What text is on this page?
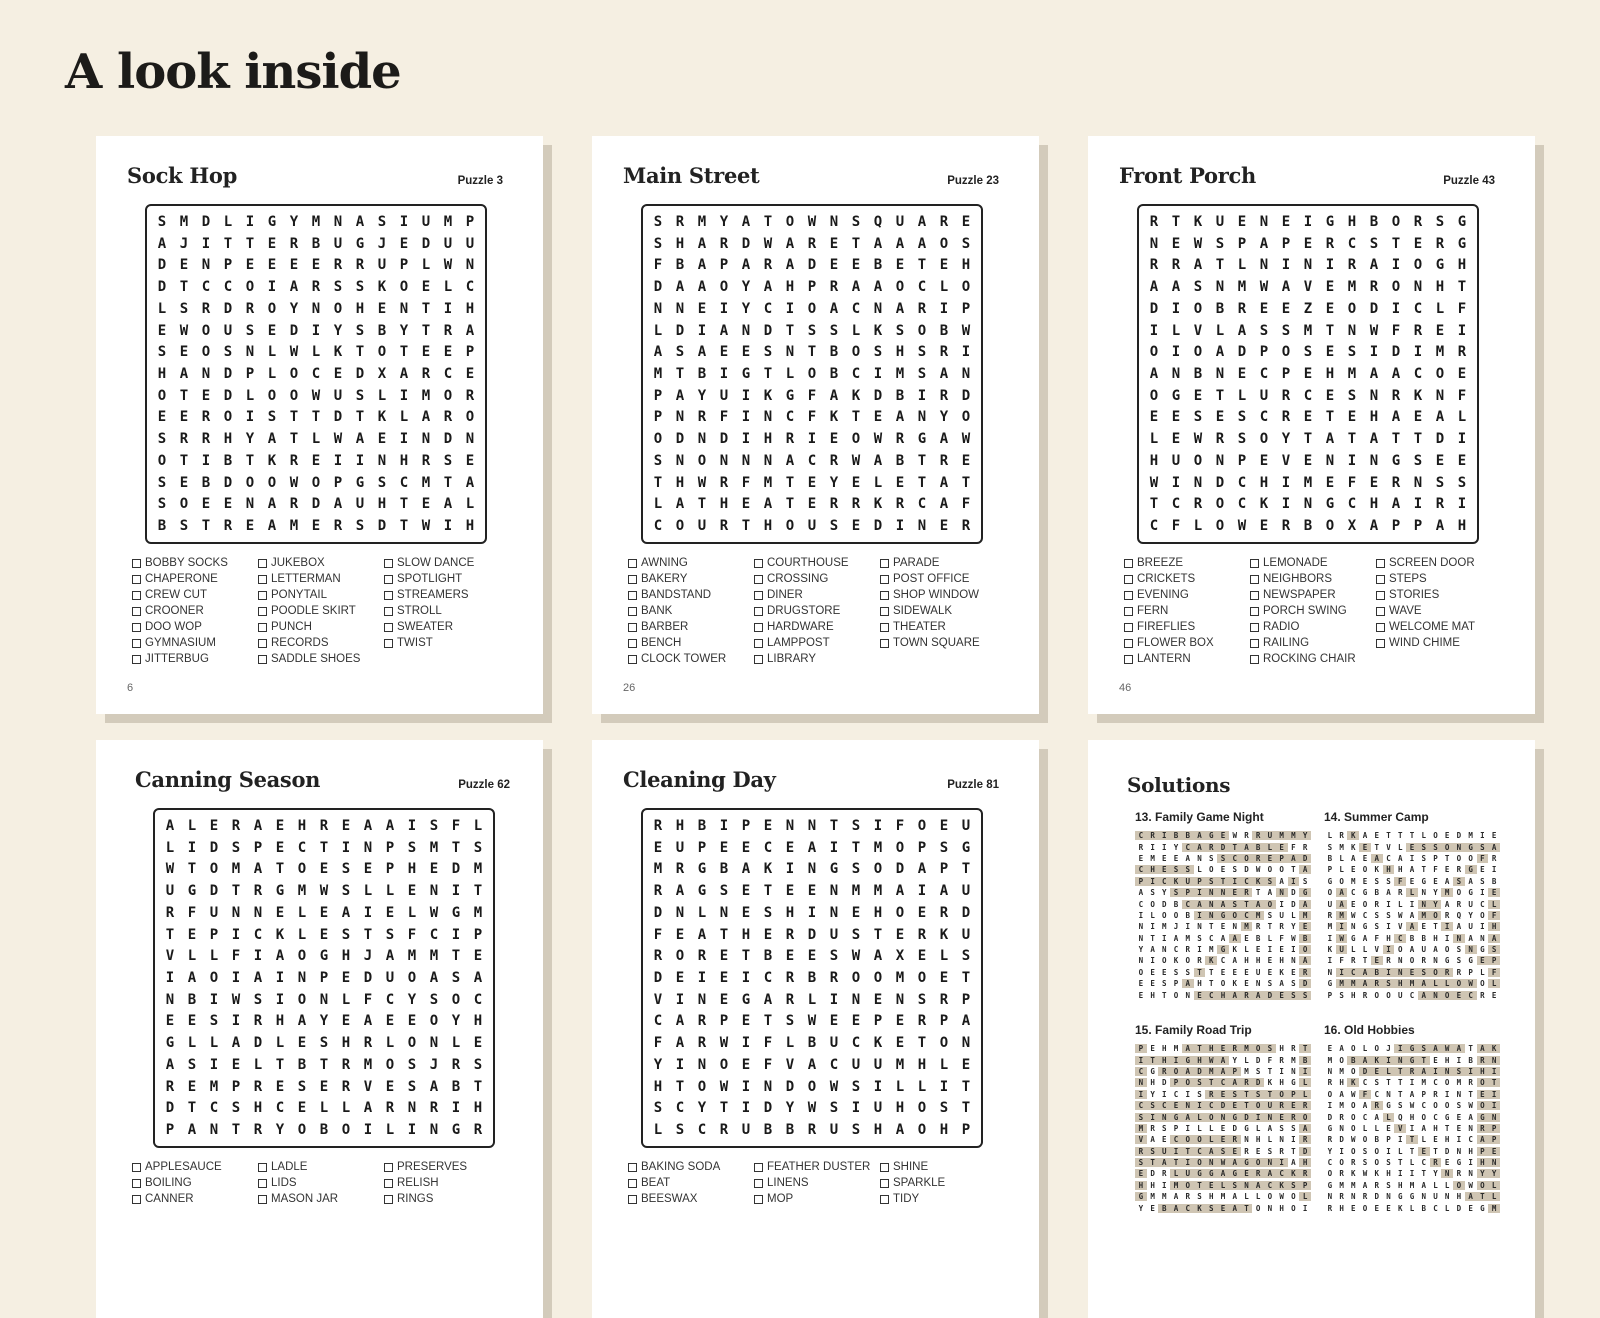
A look inside
Sock Hop	Puzzle 3
S M D L I G Y M N A S I U M P
A J I T T E R B U G J E D U U
D E N P E E E E R R U P L W N
D T C C O I A R S S K O E L C
L S R D R O Y N O H E N T I H
E W O U S E D I Y S B Y T R A
S E O S N L W L K T O T E E P
H A N D P L O C E D X A R C E
O T E D L O O W U S L I M O R
E E R O I S T T D T K L A R O
S R R H Y A T L W A E I N D N
O T I B T K R E I I N H R S E
S E B D O O W O P G S C M T A
S O E E N A R D A U H T E A L
B S T R E A M E R S D T W I H
BOBBY SOCKS
CHAPERONE
CREW CUT
CROONER
DOO WOP
GYMNASIUM
JITTERBUG
JUKEBOX
LETTERMAN
PONYTAIL
POODLE SKIRT
PUNCH
RECORDS
SADDLE SHOES
SLOW DANCE
SPOTLIGHT
STREAMERS
STROLL
SWEATER
TWIST
6
Main Street	Puzzle 23
S R M Y A T O W N S Q U A R E
S H A R D W A R E T A A A O S
F B A P A R A D E E B E T E H
D A A O Y A H P R A A O C L O
N N E I Y C I O A C N A R I P
L D I A N D T S S L K S O B W
A S A E E S N T B O S H S R I
M T B I G T L O B C I M S A N
P A Y U I K G F A K D B I R D
P N R F I N C F K T E A N Y O
O D N D I H R I E O W R G A W
S N O N N N A C R W A B T R E
T H W R F M T E Y E L E T A T
L A T H E A T E R R K R C A F
C O U R T H O U S E D I N E R
AWNING
BAKERY
BANDSTAND
BANK
BARBER
BENCH
CLOCK TOWER
COURTHOUSE
CROSSING
DINER
DRUGSTORE
HARDWARE
LAMPPOST
LIBRARY
PARADE
POST OFFICE
SHOP WINDOW
SIDEWALK
THEATER
TOWN SQUARE
26
Front Porch	Puzzle 43
R T K U E N E I G H B O R S G
N E W S P A P E R C S T E R G
R R A T L N I N I R A I O G H
A A S N M W A V E M R O N H T
D I O B R E E Z E O D I C L F
I L V L A S S M T N W F R E I
O I O A D P O S E S I D I M R
A N B N E C P E H M A A C O E
O G E T L U R C E S N R K N F
E E S E S C R E T E H A E A L
L E W R S O Y T A T A T T D I
H U O N P E V E N I N G S E E
W I N D C H I M E F E R N S S
T C R O C K I N G C H A I R I
C F L O W E R B O X A P P A H
BREEZE
CRICKETS
EVENING
FERN
FIREFLIES
FLOWER BOX
LANTERN
LEMONADE
NEIGHBORS
NEWSPAPER
PORCH SWING
RADIO
RAILING
ROCKING CHAIR
SCREEN DOOR
STEPS
STORIES
WAVE
WELCOME MAT
WIND CHIME
46
Canning Season	Puzzle 62
A L E R A E H R E A A I S F L
L I D S P E C T I N P S M T S
W T O M A T O E S E P H E D M
U G D T R G M W S L L E N I T
R F U N N E L E A I E L W G M
T E P I C K L E S T S F C I P
V L L F I A O G H J A M M T E
I A O I A I N P E D U O A S A
N B I W S I O N L F C Y S O C
E E S I R H A Y E A E E O Y H
G L L A D L E S H R L O N L E
A S I E L T B T R M O S J R S
R E M P R E S E R V E S A B T
D T C S H C E L L A R N R I H
P A N T R Y O B O I L I N G R
APPLESAUCE
BOILING
CANNER
LADLE
LIDS
MASON JAR
PRESERVES
RELISH
RINGS
Cleaning Day	Puzzle 81
R H B I P E N N T S I F O E U
E U P E E C E A I T M O P S G
M R G B A K I N G S O D A P T
R A G S E T E E N M M A I A U
D N L N E S H I N E H O E R D
F E A T H E R D U S T E R K U
R O R E T B E E S W A X E L S
D E I E I C R B R O O M O E T
V I N E G A R L I N E N S R P
C A R P E T S W E E P E R P A
F A R W I F L B U C K E T O N
Y I N O E F V A C U U M H L E
H T O W I N D O W S I L L I T
S C Y T I D Y W S I U H O S T
L S C R U B B R U S H A O H P
BAKING SODA
BEAT
BEESWAX
FEATHER DUSTER
LINENS
MOP
SHINE
SPARKLE
TIDY
Solutions
13. Family Game Night
C R I B B A G E W R R U M M Y
R I I Y C A R D T A B L E F R
E M E E A N S S C O R E P A D
C H E S S L O E S D W O O T A
P I C K U P S T I C K S A I S
A S Y S P I N N E R T A N D G
C O D B C A N A S T A O I D A
I L O O B I N G O C M S U L M
N I M J I N T E N M R T R Y E
N T I A M S C A A E B L F W B
Y A N C R I M G K L E I E I O
N I O K O R K C A H H E H N A
O E E S S T T E E E U E K E R
E E S P A H T O K E N S A S D
E H T O N E C H A R A D E S S
14. Summer Camp
L R K A E T T T L O E D M I E
S M K E T V L E S S O N G S A
B L A E A C A I S P T O O F R
P L E O K H H A T F E R G E I
G O M E S S F E G E A S A S B
O A C G B A R L N Y M O G I E
U A E O R I L I N Y A R U C L
R M W C S S W A M O R Q Y O F
M I N G S I V A E T I A U I H
I W G A F H C B B H I N A N A
K U L L V I O A U A O S N G S
I F R T E R N O R N G S G E P
N I C A B I N E S O R R P L F
G M M A R S H M A L L O W O L
P S H R O O U C A N O E C R E
15. Family Road Trip
P E H M A T H E R M O S H R T
I T H I G H W A Y L D F R M B
C G R O A D M A P M S T I N I
N H D P O S T C A R D K H G L
I Y I C I S R E S T S T O P L
C S C E N I C D E T O U R E R
S I N G A L O N G D I N E R O
M R S P I L L E D G L A S S A
V A E C O O L E R N H L N I R
R S U I T C A S E R E S R T D
S T A T I O N W A G O N I A H
E D R L U G G A G E R A C K R
H H I M O T E L S N A C K S P
G M M A R S H M A L L O W O L
Y E B A C K S E A T O N H O I
16. Old Hobbies
E A O L O J I G S A W A T A K
M O B A K I N G T E H I B R N
N M O D E L T R A I N S I H I
R H K C S T T I M C O M R O T
O A W F C N T A P R I N T E I
I M O A R G S W C O O S W O I
D R O C A L Q H O C G E A G N
G N O L L E V I A H T E N R P
R D W O B P I T L E H I C A P
Y I O S O I L T E T D N H P E
C O R S O S T L C R E G I H N
O R K W K H I I T Y N R N Y Y
G M M A R S H M A L L O W O L
N R N R D N G G N U N H A T L
R H E O E E K L B C L D E G M
